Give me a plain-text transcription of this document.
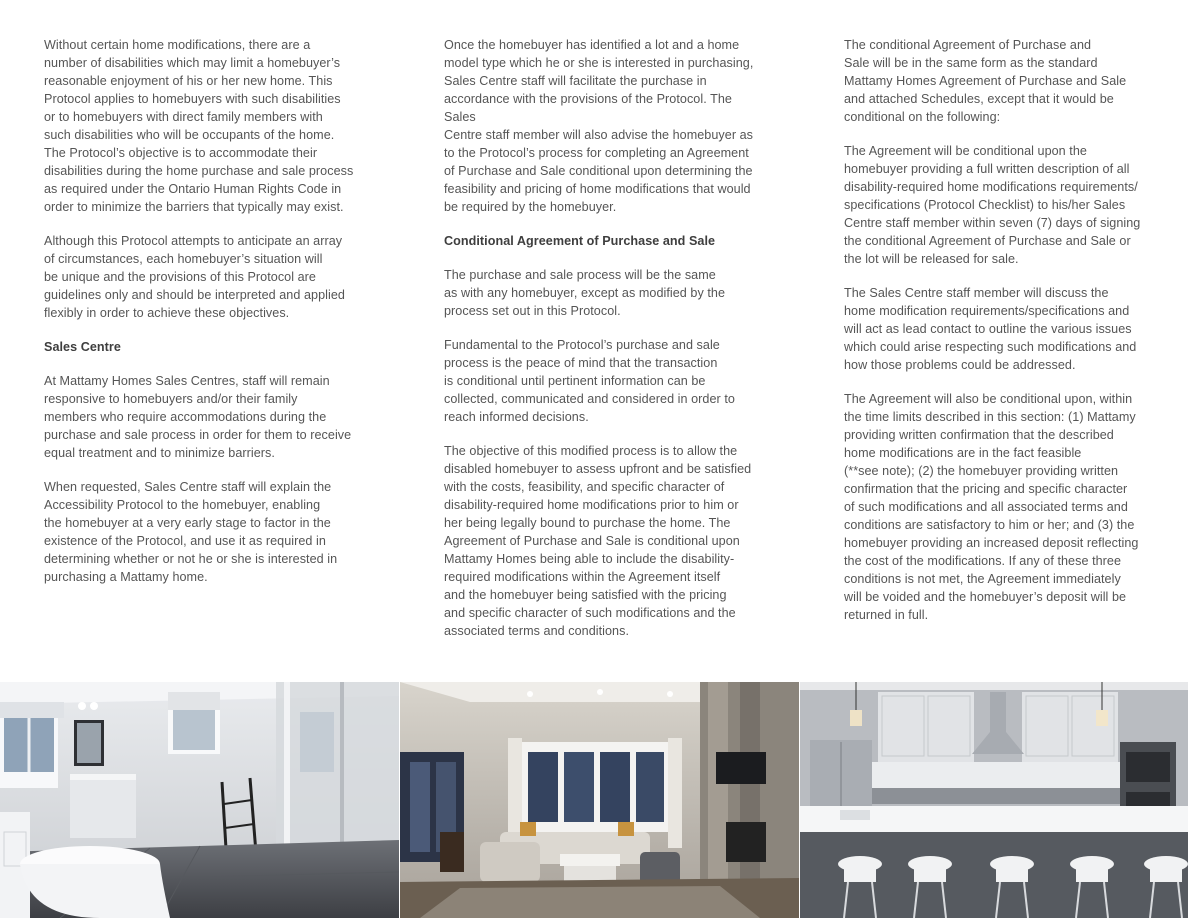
Without certain home modifications, there are a
number of disabilities which may limit a homebuyer’s
reasonable enjoyment of his or her new home. This
Protocol applies to homebuyers with such disabilities
or to homebuyers with direct family members with
such disabilities who will be occupants of the home.
The Protocol’s objective is to accommodate their
disabilities during the home purchase and sale process
as required under the Ontario Human Rights Code in
order to minimize the barriers that typically may exist.

Although this Protocol attempts to anticipate an array
of circumstances, each homebuyer’s situation will
be unique and the provisions of this Protocol are
guidelines only and should be interpreted and applied
flexibly in order to achieve these objectives.

Sales Centre

At Mattamy Homes Sales Centres, staff will remain
responsive to homebuyers and/or their family
members who require accommodations during the
purchase and sale process in order for them to receive
equal treatment and to minimize barriers.

When requested, Sales Centre staff will explain the
Accessibility Protocol to the homebuyer, enabling
the homebuyer at a very early stage to factor in the
existence of the Protocol, and use it as required in
determining whether or not he or she is interested in
purchasing a Mattamy home.

Once the homebuyer has identified a lot and a home
model type which he or she is interested in purchasing,
Sales Centre staff will facilitate the purchase in
accordance with the provisions of the Protocol. The Sales
Centre staff member will also advise the homebuyer as
to the Protocol’s process for completing an Agreement
of Purchase and Sale conditional upon determining the
feasibility and pricing of home modifications that would
be required by the homebuyer.

Conditional Agreement of Purchase and Sale

The purchase and sale process will be the same
as with any homebuyer, except as modified by the
process set out in this Protocol.

Fundamental to the Protocol’s purchase and sale
process is the peace of mind that the transaction
is conditional until pertinent information can be
collected, communicated and considered in order to
reach informed decisions.

The objective of this modified process is to allow the
disabled homebuyer to assess upfront and be satisfied
with the costs, feasibility, and specific character of
disability-required home modifications prior to him or
her being legally bound to purchase the home. The
Agreement of Purchase and Sale is conditional upon
Mattamy Homes being able to include the disability-
required modifications within the Agreement itself
and the homebuyer being satisfied with the pricing
and specific character of such modifications and the
associated terms and conditions.

The conditional Agreement of Purchase and
Sale will be in the same form as the standard
Mattamy Homes Agreement of Purchase and Sale
and attached Schedules, except that it would be
conditional on the following:

The Agreement will be conditional upon the
homebuyer providing a full written description of all
disability-required home modifications requirements/
specifications (Protocol Checklist) to his/her Sales
Centre staff member within seven (7) days of signing
the conditional Agreement of Purchase and Sale or
the lot will be released for sale.

The Sales Centre staff member will discuss the
home modification requirements/specifications and
will act as lead contact to outline the various issues
which could arise respecting such modifications and
how those problems could be addressed.

The Agreement will also be conditional upon, within
the time limits described in this section: (1) Mattamy
providing written confirmation that the described
home modifications are in the fact feasible
(**see note); (2) the homebuyer providing written
confirmation that the pricing and specific character
of such modifications and all associated terms and
conditions are satisfactory to him or her; and (3) the
homebuyer providing an increased deposit reflecting
the cost of the modifications. If any of these three
conditions is not met, the Agreement immediately
will be voided and the homebuyer’s deposit will be
returned in full.
